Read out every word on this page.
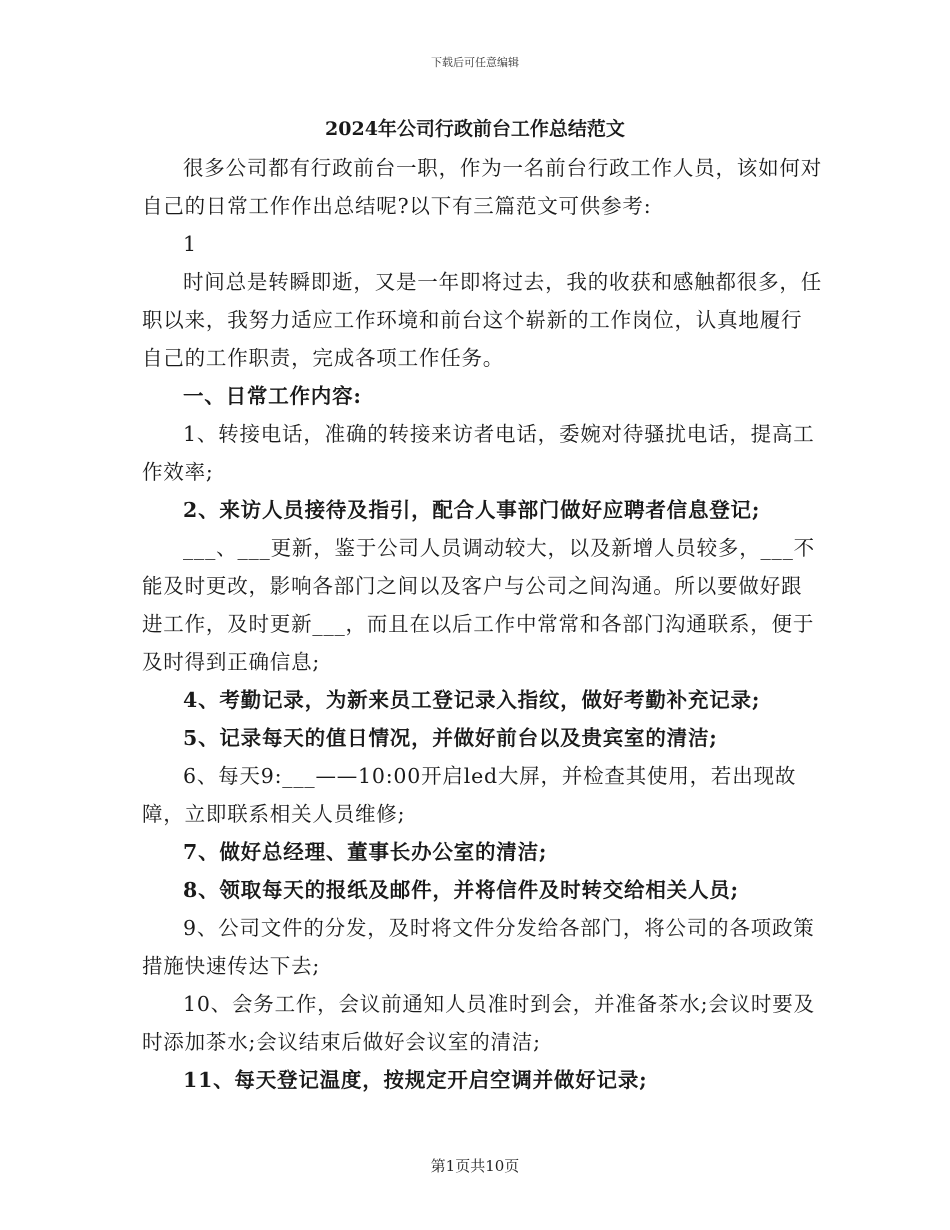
下载后可任意编辑
2024年公司行政前台工作总结范文

很多公司都有行政前台一职，作为一名前台行政工作人员，该如何对自己的日常工作作出总结呢?以下有三篇范文可供参考:

1

时间总是转瞬即逝，又是一年即将过去，我的收获和感触都很多，任职以来，我努力适应工作环境和前台这个崭新的工作岗位，认真地履行自己的工作职责，完成各项工作任务。

一、日常工作内容:

1、转接电话，准确的转接来访者电话，委婉对待骚扰电话，提高工作效率;

2、来访人员接待及指引，配合人事部门做好应聘者信息登记;

___、___更新，鉴于公司人员调动较大，以及新增人员较多，___不能及时更改，影响各部门之间以及客户与公司之间沟通。所以要做好跟进工作，及时更新___，而且在以后工作中常常和各部门沟通联系，便于及时得到正确信息;

4、考勤记录，为新来员工登记录入指纹，做好考勤补充记录;

5、记录每天的值日情况，并做好前台以及贵宾室的清洁;

6、每天9:___——10:00开启led大屏，并检查其使用，若出现故障，立即联系相关人员维修;

7、做好总经理、董事长办公室的清洁;

8、领取每天的报纸及邮件，并将信件及时转交给相关人员;

9、公司文件的分发，及时将文件分发给各部门，将公司的各项政策措施快速传达下去;

10、会务工作，会议前通知人员准时到会，并准备茶水;会议时要及时添加茶水;会议结束后做好会议室的清洁;

11、每天登记温度，按规定开启空调并做好记录;

第1页共10页
